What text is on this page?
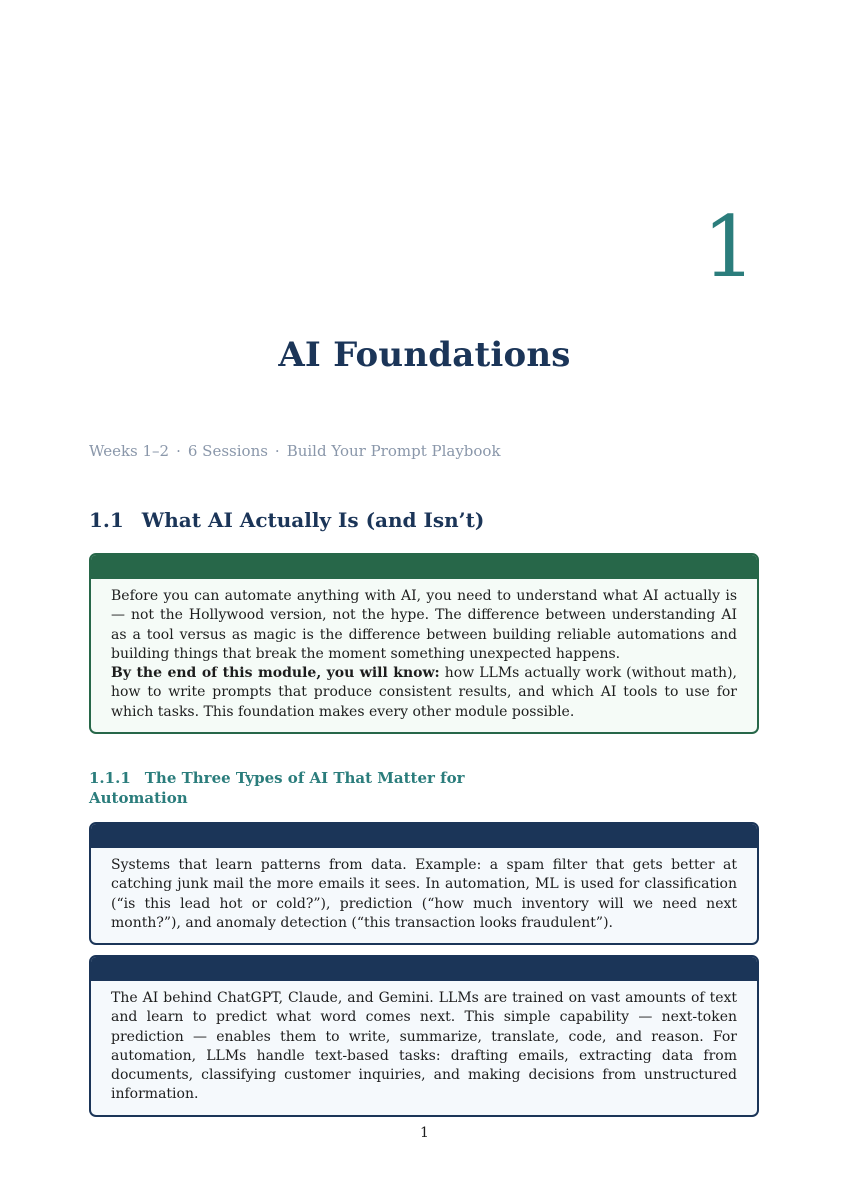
1
AI Foundations
Weeks 1–2 · 6 Sessions · Build Your Prompt Playbook
1.1 What AI Actually Is (and Isn’t)

Before you can automate anything with AI, you need to understand what AI actually is — not the Hollywood version, not the hype. The difference between understanding AI as a tool versus as magic is the difference between building reliable automations and building things that break the moment something unexpected happens.

By the end of this module, you will know: how LLMs actually work (without math), how to write prompts that produce consistent results, and which AI tools to use for which tasks. This foundation makes every other module possible.

1.1.1 The Three Types of AI That Matter for Automation

Systems that learn patterns from data. Example: a spam filter that gets better at catching junk mail the more emails it sees. In automation, ML is used for classification (“is this lead hot or cold?”), prediction (“how much inventory will we need next month?”), and anomaly detection (“this transaction looks fraudulent”).

The AI behind ChatGPT, Claude, and Gemini. LLMs are trained on vast amounts of text and learn to predict what word comes next. This simple capability — next-token prediction — enables them to write, summarize, translate, code, and reason. For automation, LLMs handle text-based tasks: drafting emails, extracting data from documents, classifying customer inquiries, and making decisions from unstructured information.

1
